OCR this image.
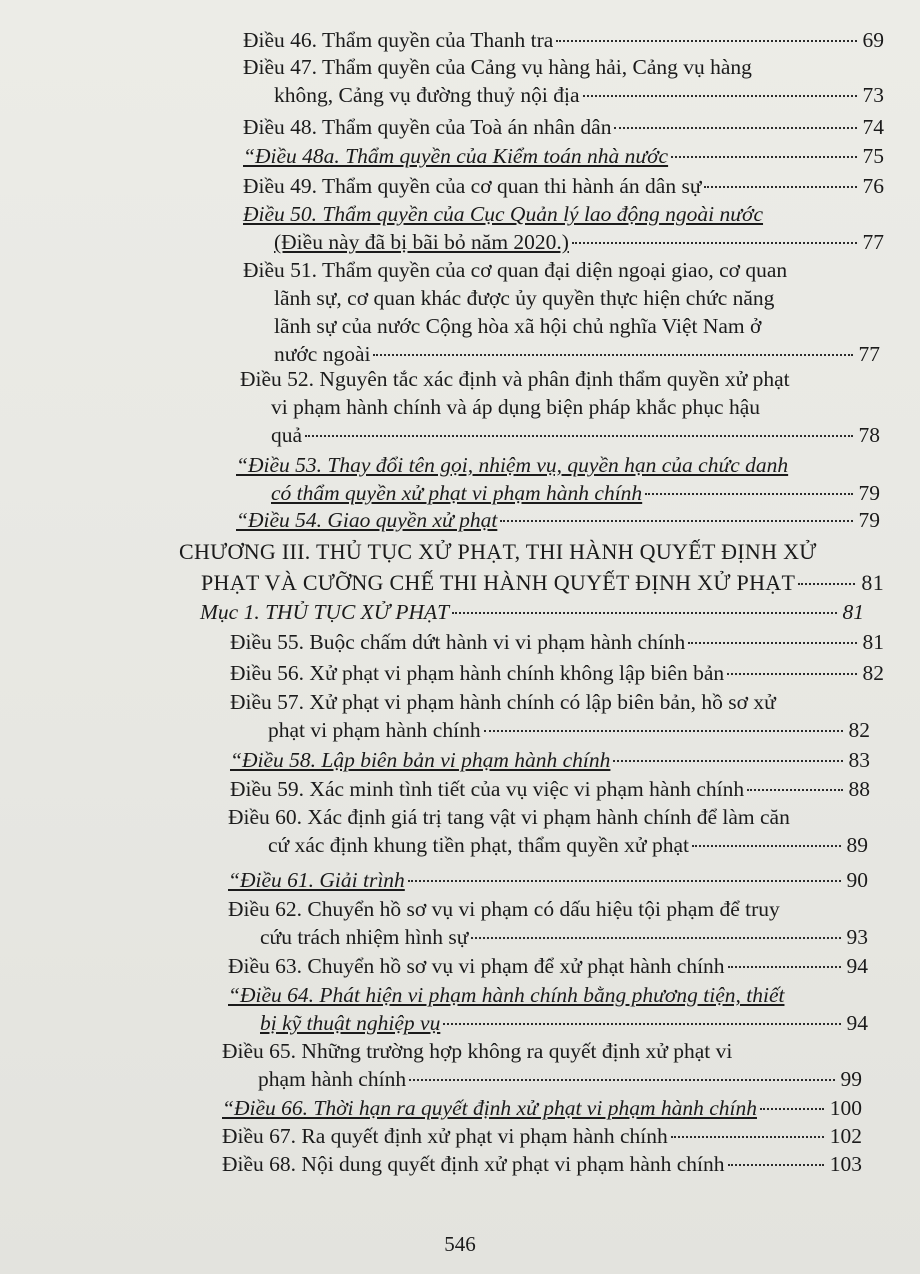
Điều 46. Thẩm quyền của Thanh tra	69
Điều 47. Thẩm quyền của Cảng vụ hàng hải, Cảng vụ hàng
không, Cảng vụ đường thuỷ nội địa	73
Điều 48. Thẩm quyền của Toà án nhân dân	74
“Điều 48a. Thẩm quyền của Kiểm toán nhà nước	75
Điều 49. Thẩm quyền của cơ quan thi hành án dân sự	76
Điều 50. Thẩm quyền của Cục Quản lý lao động ngoài nước
(Điều này đã bị bãi bỏ năm 2020.)	77
Điều 51. Thẩm quyền của cơ quan đại diện ngoại giao, cơ quan
lãnh sự, cơ quan khác được ủy quyền thực hiện chức năng
lãnh sự của nước Cộng hòa xã hội chủ nghĩa Việt Nam ở
nước ngoài	77
Điều 52. Nguyên tắc xác định và phân định thẩm quyền xử phạt
vi phạm hành chính và áp dụng biện pháp khắc phục hậu
quả	78
“Điều 53. Thay đổi tên gọi, nhiệm vụ, quyền hạn của chức danh
có thẩm quyền xử phạt vi phạm hành chính	79
“Điều 54. Giao quyền xử phạt	79
CHƯƠNG III. THỦ TỤC XỬ PHẠT, THI HÀNH QUYẾT ĐỊNH XỬ
PHẠT VÀ CƯỠNG CHẾ THI HÀNH QUYẾT ĐỊNH XỬ PHẠT	81
Mục 1. THỦ TỤC XỬ PHẠT	81
Điều 55. Buộc chấm dứt hành vi vi phạm hành chính	81
Điều 56. Xử phạt vi phạm hành chính không lập biên bản	82
Điều 57. Xử phạt vi phạm hành chính có lập biên bản, hồ sơ xử
phạt vi phạm hành chính	82
“Điều 58. Lập biên bản vi phạm hành chính	83
Điều 59. Xác minh tình tiết của vụ việc vi phạm hành chính	88
Điều 60. Xác định giá trị tang vật vi phạm hành chính để làm căn
cứ xác định khung tiền phạt, thẩm quyền xử phạt	89
“Điều 61. Giải trình	90
Điều 62. Chuyển hồ sơ vụ vi phạm có dấu hiệu tội phạm để truy
cứu trách nhiệm hình sự	93
Điều 63. Chuyển hồ sơ vụ vi phạm để xử phạt hành chính	94
“Điều 64. Phát hiện vi phạm hành chính bằng phương tiện, thiết
bị kỹ thuật nghiệp vụ	94
Điều 65. Những trường hợp không ra quyết định xử phạt vi
phạm hành chính	99
“Điều 66. Thời hạn ra quyết định xử phạt vi phạm hành chính	100
Điều 67. Ra quyết định xử phạt vi phạm hành chính	102
Điều 68. Nội dung quyết định xử phạt vi phạm hành chính	103
546
